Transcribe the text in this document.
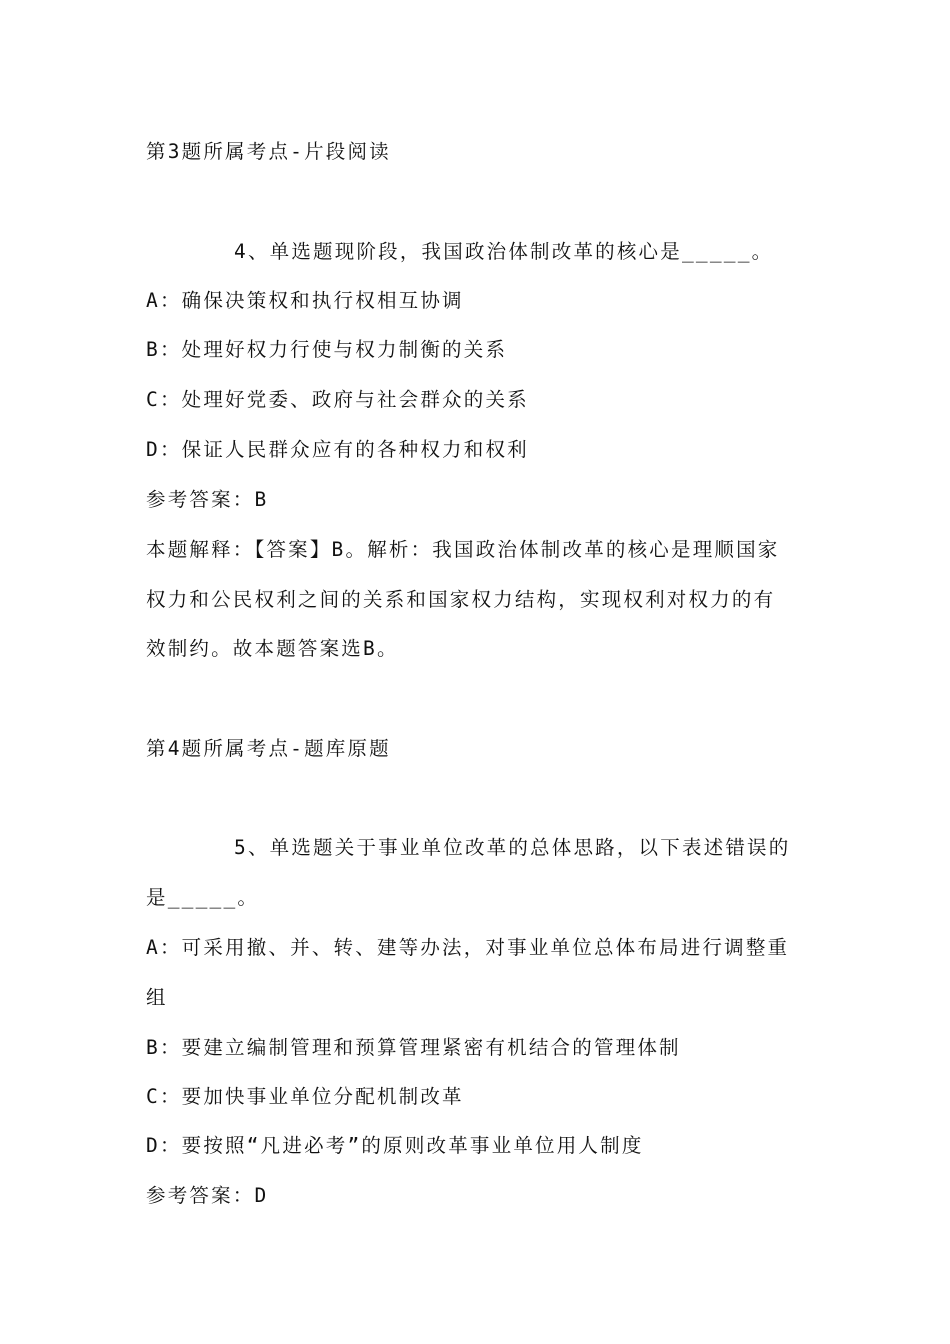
第3题所属考点-片段阅读
4、单选题现阶段，我国政治体制改革的核心是_____。
A：确保决策权和执行权相互协调
B：处理好权力行使与权力制衡的关系
C：处理好党委、政府与社会群众的关系
D：保证人民群众应有的各种权力和权利
参考答案：B
本题解释：【答案】B。解析：我国政治体制改革的核心是理顺国家
权力和公民权利之间的关系和国家权力结构，实现权利对权力的有
效制约。故本题答案选B。
第4题所属考点-题库原题
5、单选题关于事业单位改革的总体思路，以下表述错误的
是_____。
A：可采用撤、并、转、建等办法，对事业单位总体布局进行调整重
组
B：要建立编制管理和预算管理紧密有机结合的管理体制
C：要加快事业单位分配机制改革
D：要按照“凡进必考”的原则改革事业单位用人制度
参考答案：D
